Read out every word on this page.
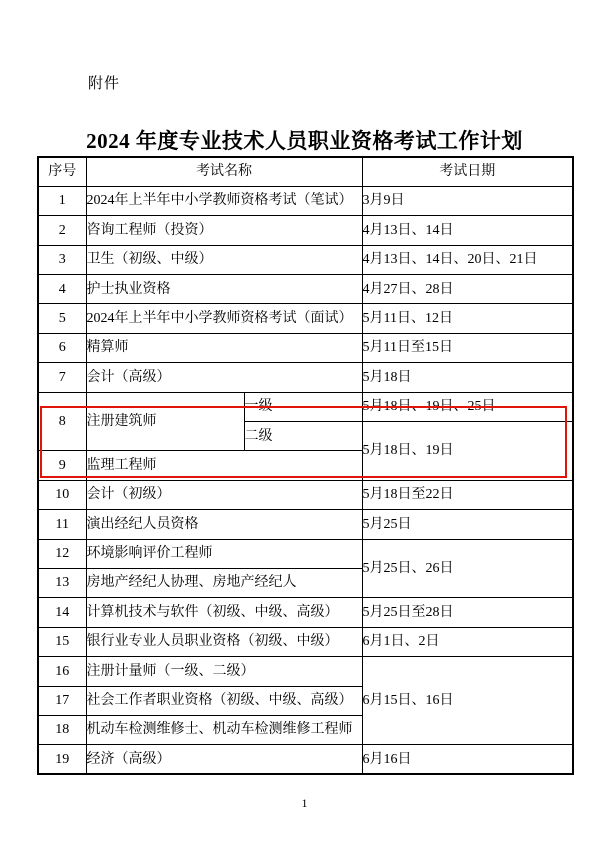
附件
2024 年度专业技术人员职业资格考试工作计划
序号	考试名称		考试日期
1	2024年上半年中小学教师资格考试（笔试）		3月9日
2	咨询工程师（投资）		4月13日、14日
3	卫生（初级、中级）		4月13日、14日、20日、21日
4	护士执业资格		4月27日、28日
5	2024年上半年中小学教师资格考试（面试）		5月11日、12日
6	精算师		5月11日至15日
7	会计（高级）		5月18日
8	注册建筑师	一级	5月18日、19日、25日
		二级	5月18日、19日
9	监理工程师		
10	会计（初级）		5月18日至22日
11	演出经纪人员资格		5月25日
12	环境影响评价工程师		5月25日、26日
13	房地产经纪人协理、房地产经纪人		
14	计算机技术与软件（初级、中级、高级）		5月25日至28日
15	银行业专业人员职业资格（初级、中级）		6月1日、2日
16	注册计量师（一级、二级）		6月15日、16日
17	社会工作者职业资格（初级、中级、高级）		
18	机动车检测维修士、机动车检测维修工程师		
19	经济（高级）		6月16日
1
